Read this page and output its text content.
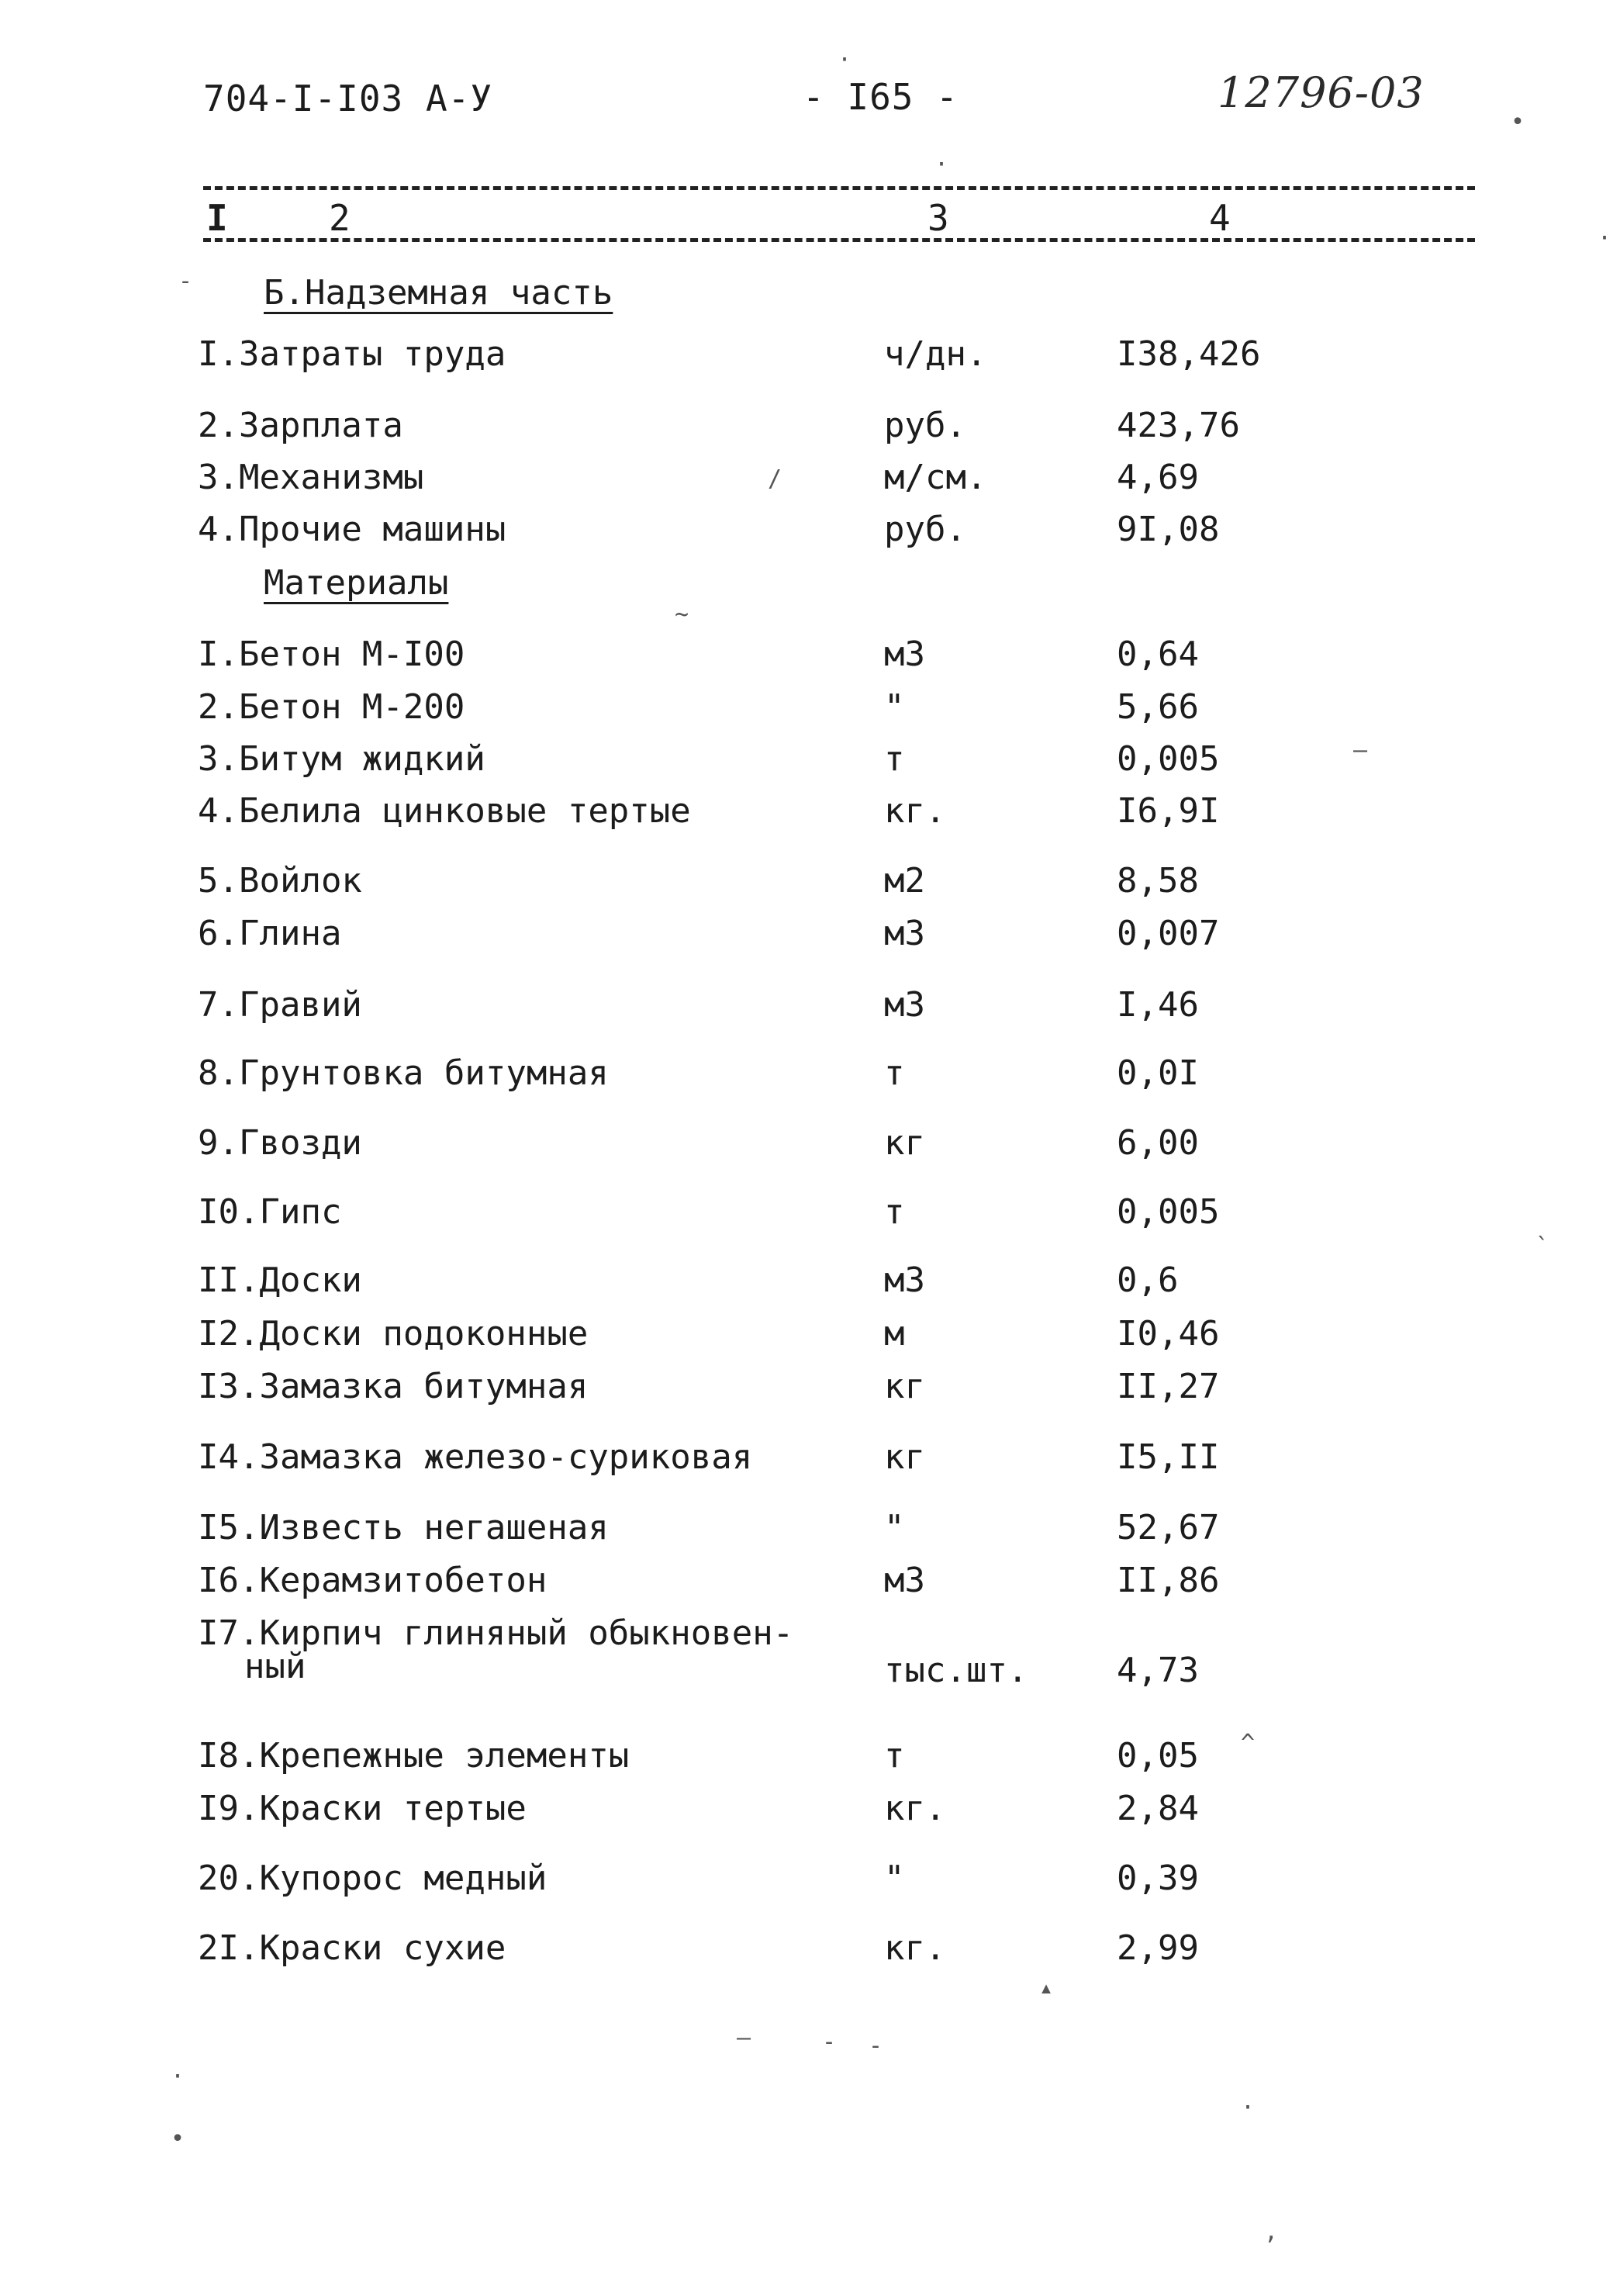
704-I-I03 А-У	- I65 -	12796-03
I	2	3	4
Б.Надземная часть
I.Затраты труда	ч/дн.	I38,426
2.Зарплата	руб.	423,76
3.Механизмы	м/см.	4,69
4.Прочие машины	руб.	9I,08
Материалы
I.Бетон М-I00	м3	0,64
2.Бетон М-200	"	5,66
3.Битум жидкий	т	0,005
4.Белила цинковые тертые	кг.	I6,9I
5.Войлок	м2	8,58
6.Глина	м3	0,007
7.Гравий	м3	I,46
8.Грунтовка битумная	т	0,0I
9.Гвозди	кг	6,00
I0.Гипс	т	0,005
II.Доски	м3	0,6
I2.Доски подоконные	м	I0,46
I3.Замазка битумная	кг	II,27
I4.Замазка железо-суриковая	кг	I5,II
I5.Известь негашеная	"	52,67
I6.Керамзитобетон	м3	II,86
I7.Кирпич глиняный обыкновен-
ный	тыс.шт.	4,73
I8.Крепежные элементы	т	0,05
I9.Краски тертые	кг.	2,84
20.Купорос медный	"	0,39
2I.Краски сухие	кг.	2,99
•
·
·
/
~
—
`
^
▴
—	- -
·
·
•
,
-
·
